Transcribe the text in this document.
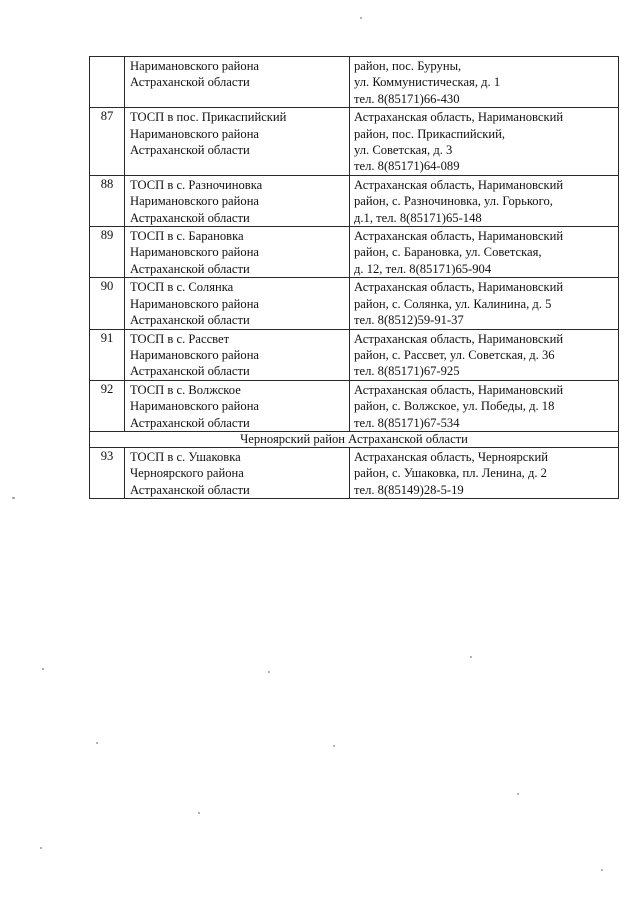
	Наримановского района
Астраханской области	район, пос. Буруны,
ул. Коммунистическая, д. 1
тел. 8(85171)66-430

87	ТОСП в пос. Прикаспийский
Наримановского района
Астраханской области	Астраханская область, Наримановский
район, пос. Прикаспийский,
ул. Советская, д. 3
тел. 8(85171)64-089

88	ТОСП в с. Разночиновка
Наримановского района
Астраханской области	Астраханская область, Наримановский
район, с. Разночиновка, ул. Горького,
д.1, тел. 8(85171)65-148

89	ТОСП в с. Барановка
Наримановского района
Астраханской области	Астраханская область, Наримановский
район, с. Барановка, ул. Советская,
д. 12, тел. 8(85171)65-904

90	ТОСП в с. Солянка
Наримановского района
Астраханской области	Астраханская область, Наримановский
район, с. Солянка, ул. Калинина, д. 5
тел. 8(8512)59-91-37

91	ТОСП в с. Рассвет
Наримановского района
Астраханской области	Астраханская область, Наримановский
район, с. Рассвет, ул. Советская, д. 36
тел. 8(85171)67-925

92	ТОСП в с. Волжское
Наримановского района
Астраханской области	Астраханская область, Наримановский
район, с. Волжское, ул. Победы, д. 18
тел. 8(85171)67-534

Черноярский район Астраханской области		
93	ТОСП в с. Ушаковка
Черноярского района
Астраханской области	Астраханская область, Черноярский
район, с. Ушаковка, пл. Ленина, д. 2
тел. 8(85149)28-5-19
